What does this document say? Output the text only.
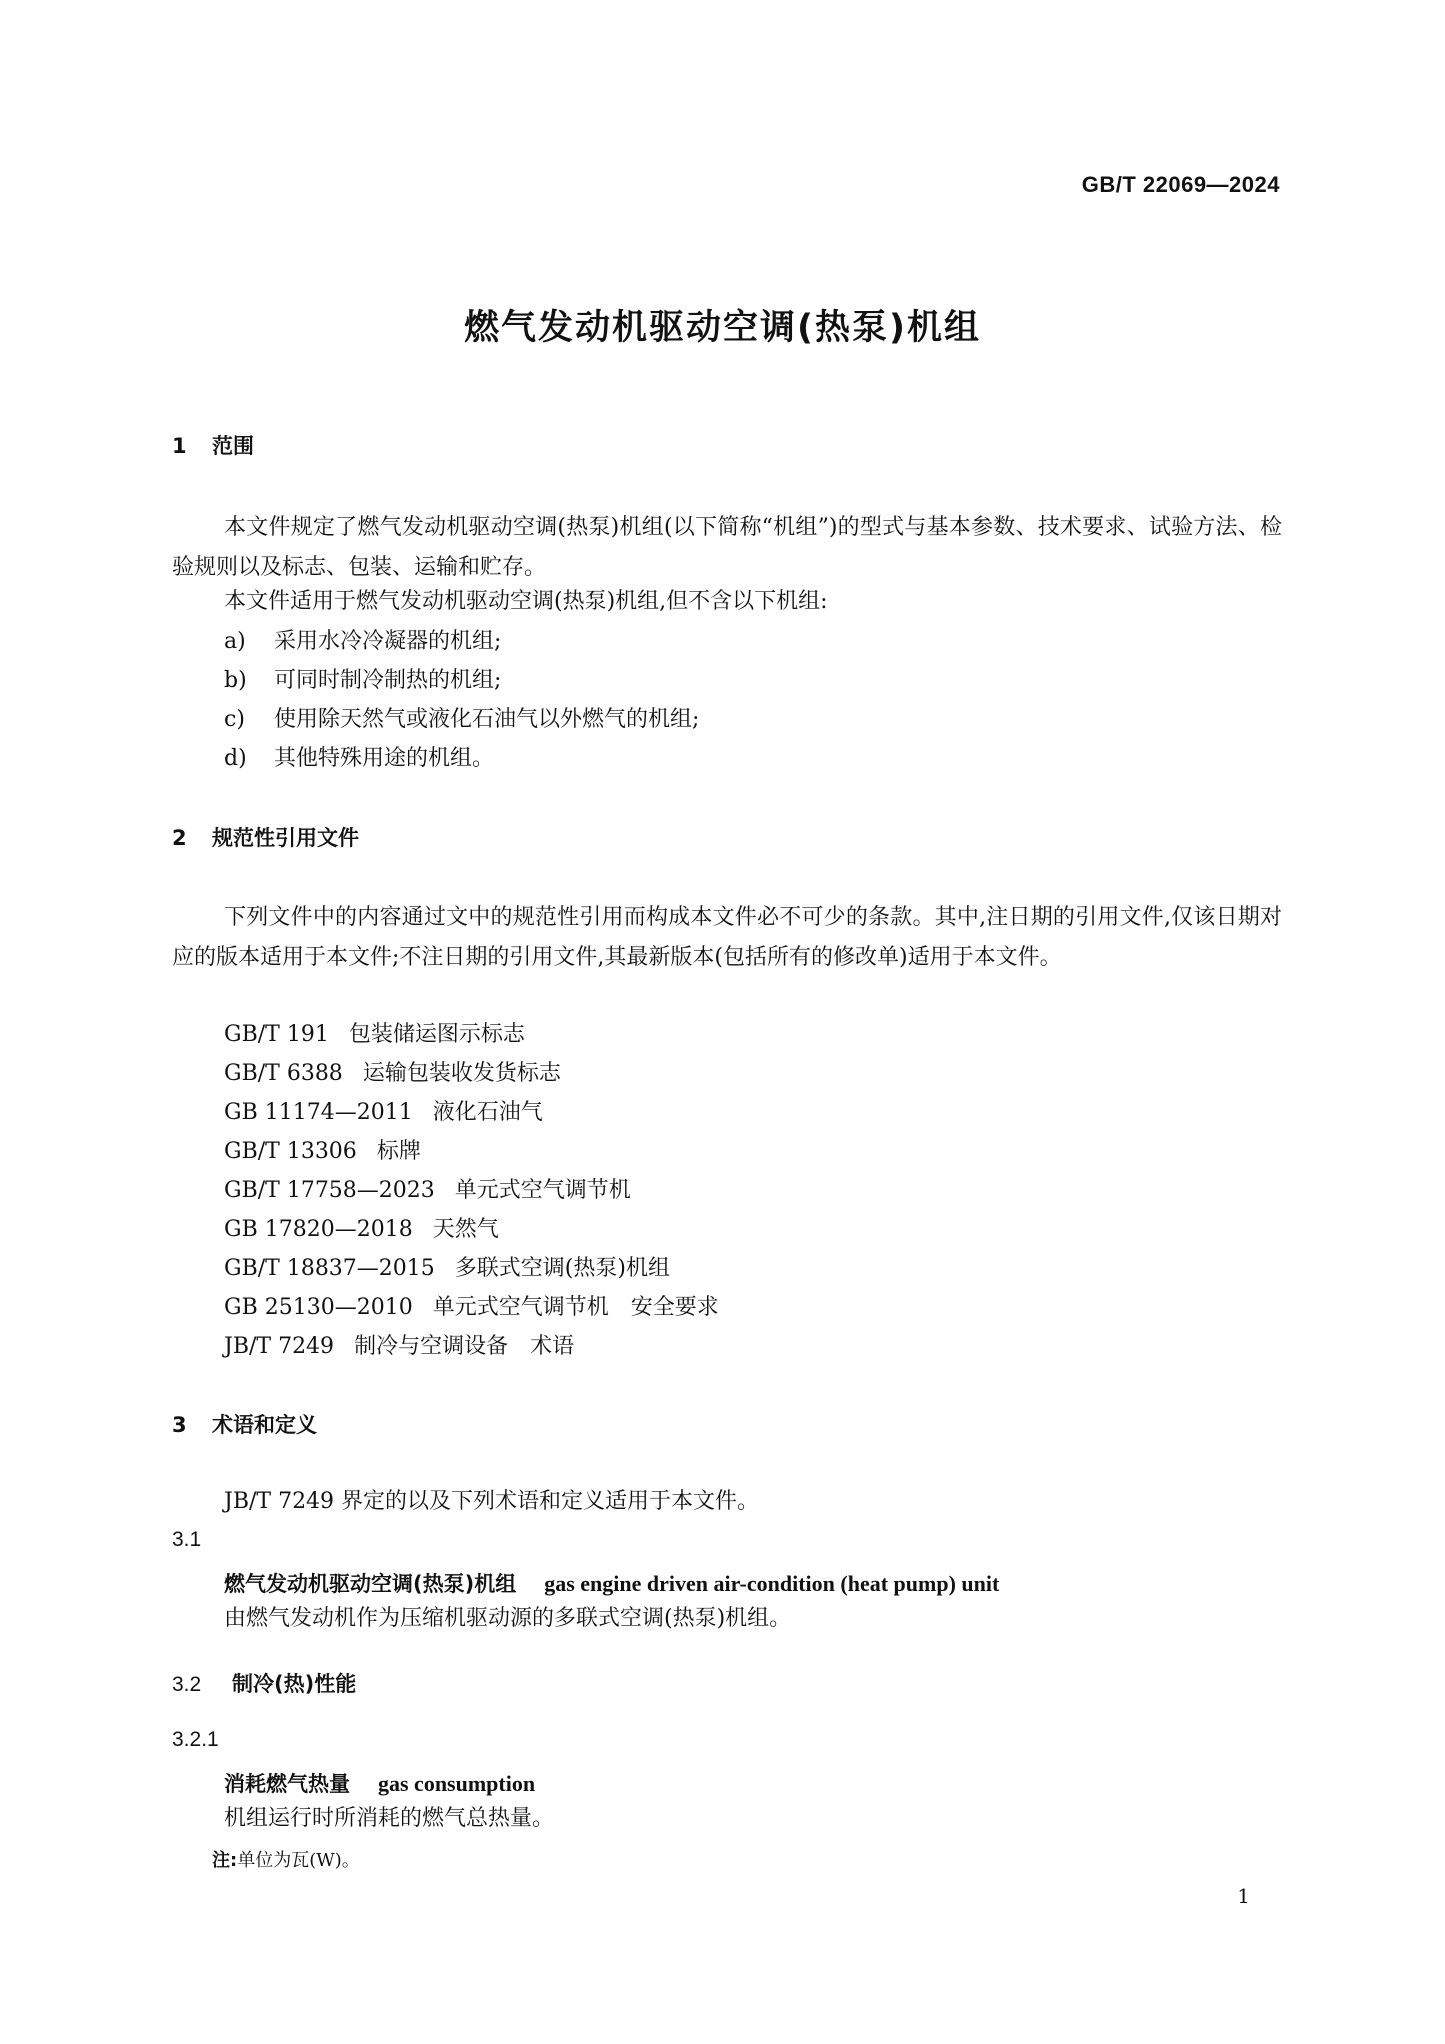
GB/T 22069—2024
燃气发动机驱动空调(热泵)机组
1 范围
本文件规定了燃气发动机驱动空调(热泵)机组(以下简称“机组”)的型式与基本参数、技术要求、试验方法、检验规则以及标志、包装、运输和贮存。
本文件适用于燃气发动机驱动空调(热泵)机组,但不含以下机组:
a) 采用水冷冷凝器的机组;
b) 可同时制冷制热的机组;
c) 使用除天然气或液化石油气以外燃气的机组;
d) 其他特殊用途的机组。
2 规范性引用文件
下列文件中的内容通过文中的规范性引用而构成本文件必不可少的条款。其中,注日期的引用文件,仅该日期对应的版本适用于本文件;不注日期的引用文件,其最新版本(包括所有的修改单)适用于本文件。
GB/T 191 包装储运图示标志
GB/T 6388 运输包装收发货标志
GB 11174—2011 液化石油气
GB/T 13306 标牌
GB/T 17758—2023 单元式空气调节机
GB 17820—2018 天然气
GB/T 18837—2015 多联式空调(热泵)机组
GB 25130—2010 单元式空气调节机　安全要求
JB/T 7249 制冷与空调设备　术语
3 术语和定义
JB/T 7249 界定的以及下列术语和定义适用于本文件。
3.1
燃气发动机驱动空调(热泵)机组 gas engine driven air-condition (heat pump) unit
由燃气发动机作为压缩机驱动源的多联式空调(热泵)机组。
3.2 制冷(热)性能
3.2.1
消耗燃气热量 gas consumption
机组运行时所消耗的燃气总热量。
注:单位为瓦(W)。
1
